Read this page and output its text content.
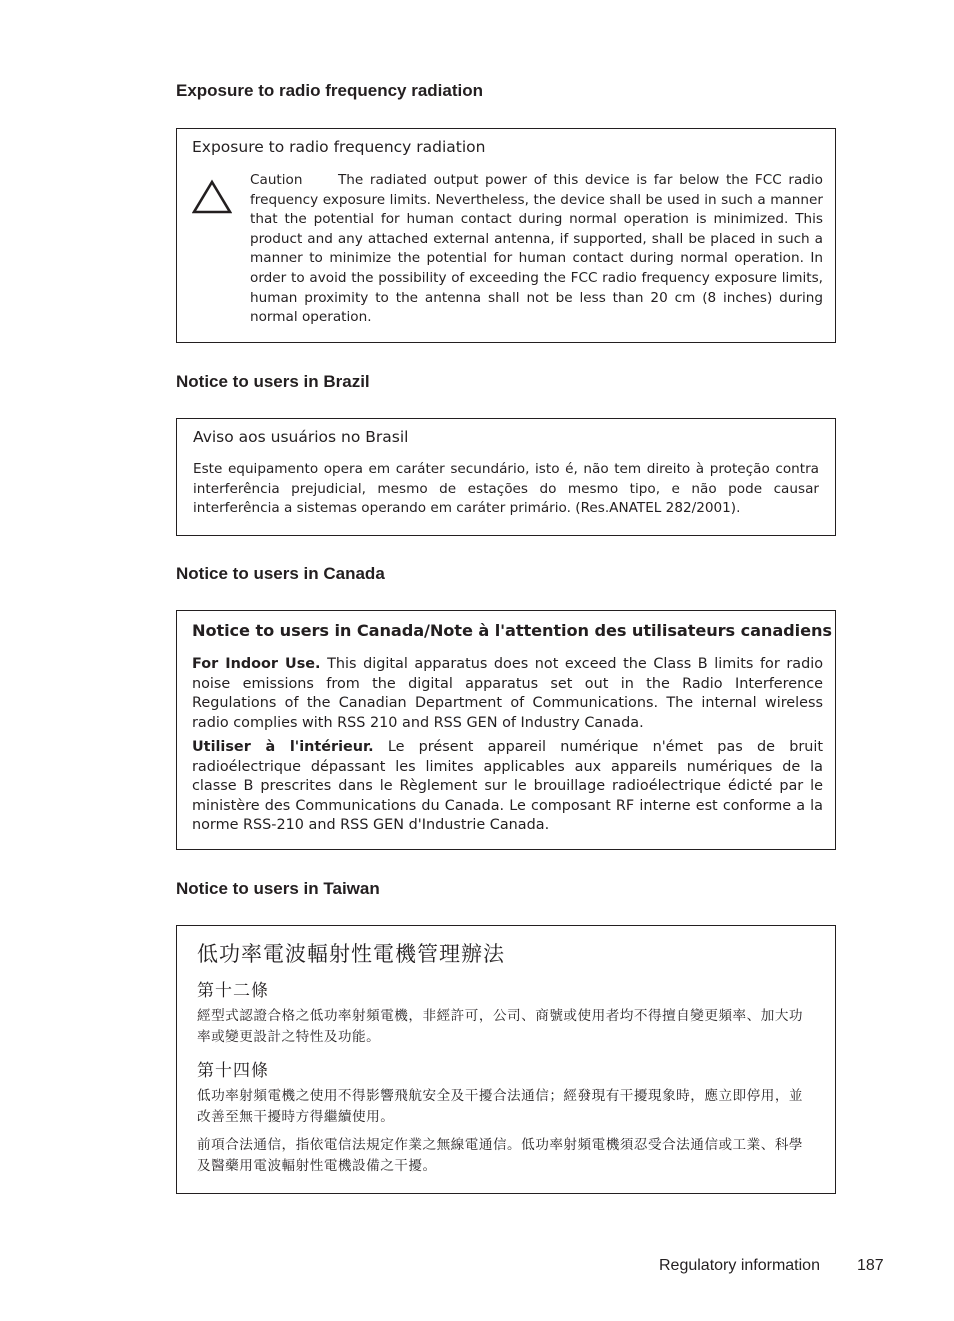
Exposure to radio frequency radiation

Exposure to radio frequency radiation

Caution	The radiated output power of this device is far below the FCC radio frequency exposure limits. Nevertheless, the device shall be used in such a manner that the potential for human contact during normal operation is minimized. This product and any attached external antenna, if supported, shall be placed in such a manner to minimize the potential for human contact during normal operation. In order to avoid the possibility of exceeding the FCC radio frequency exposure limits, human proximity to the antenna shall not be less than 20 cm (8 inches) during normal operation.

Notice to users in Brazil

Aviso aos usuários no Brasil

Este equipamento opera em caráter secundário, isto é, não tem direito à proteção contra interferência prejudicial, mesmo de estações do mesmo tipo, e não pode causar interferência a sistemas operando em caráter primário. (Res.ANATEL 282/2001).

Notice to users in Canada

Notice to users in Canada/Note à l'attention des utilisateurs canadiens

For Indoor Use. This digital apparatus does not exceed the Class B limits for radio noise emissions from the digital apparatus set out in the Radio Interference Regulations of the Canadian Department of Communications. The internal wireless radio complies with RSS 210 and RSS GEN of Industry Canada.

Utiliser à l'intérieur. Le présent appareil numérique n'émet pas de bruit radioélectrique dépassant les limites applicables aux appareils numériques de la classe B prescrites dans le Règlement sur le brouillage radioélectrique édicté par le ministère des Communications du Canada. Le composant RF interne est conforme a la norme RSS-210 and RSS GEN d'Industrie Canada.

Notice to users in Taiwan

低功率電波輻射性電機管理辦法

第十二條

經型式認證合格之低功率射頻電機，非經許可，公司、商號或使用者均不得擅自變更頻率、加大功率或變更設計之特性及功能。

第十四條

低功率射頻電機之使用不得影響飛航安全及干擾合法通信；經發現有干擾現象時，應立即停用，並改善至無干擾時方得繼續使用。

前項合法通信，指依電信法規定作業之無線電通信。低功率射頻電機須忍受合法通信或工業、科學及醫藥用電波輻射性電機設備之干擾。

Regulatory information 187
